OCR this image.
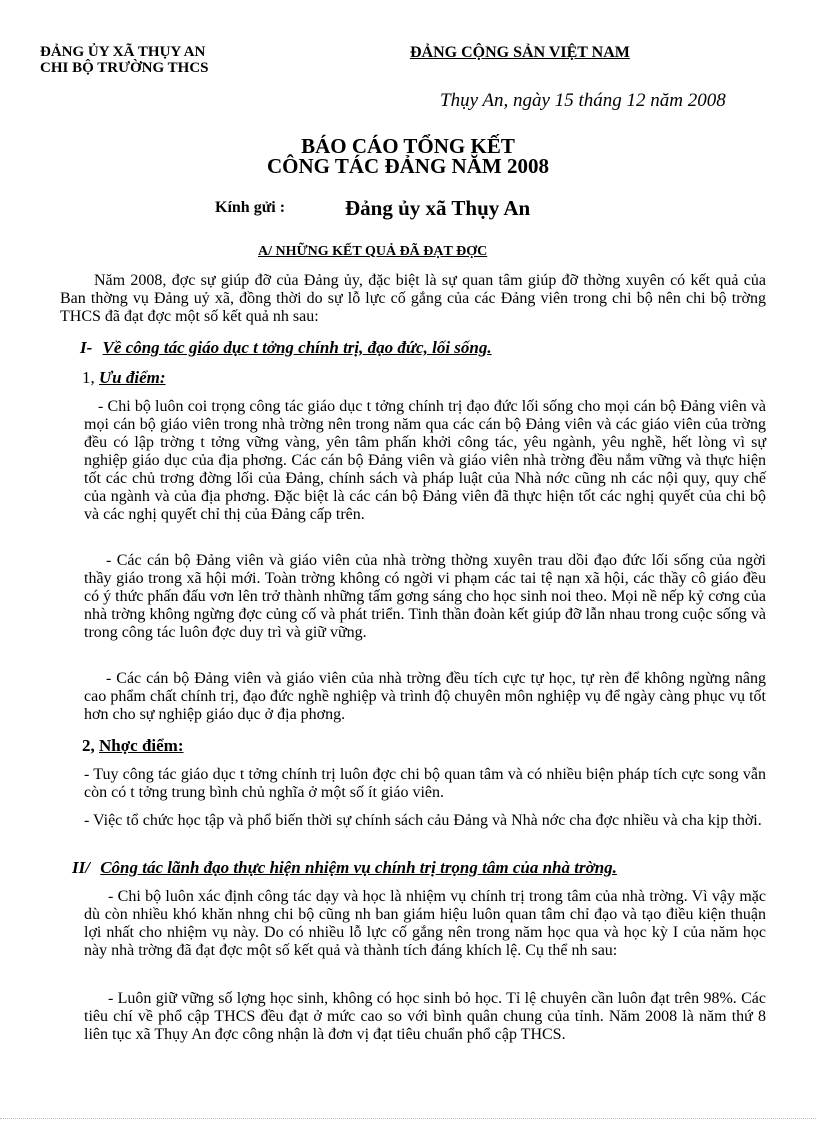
ĐẢNG ỦY XÃ THỤY AN
CHI BỘ TRƯỜNG THCS
ĐẢNG CỘNG SẢN VIỆT NAM
Thụy An, ngày 15 tháng 12 năm 2008
BÁO CÁO TỔNG KẾT
CÔNG TÁC ĐẢNG NĂM 2008
Kính gửi :	Đảng ủy xã Thụy An
A/ NHỮNG KẾT QUẢ ĐÃ ĐẠT ĐỢC
Năm 2008, đợc sự giúp đỡ của Đảng ủy, đặc biệt là sự quan tâm giúp đỡ thờng xuyên có kết quả của Ban thờng vụ Đảng uỷ xã, đồng thời do sự lỗ lực cố gắng của các Đảng viên trong chi bộ nên chi bộ trờng THCS đã đạt đợc một số kết quả nh sau:
I- Về công tác giáo dục t tởng chính trị, đạo đức, lối sống.
1, Ưu điểm:
- Chi bộ luôn coi trọng công tác giáo dục t tởng chính trị đạo đức lối sống cho mọi cán bộ Đảng viên và mọi cán bộ giáo viên trong nhà trờng nên trong năm qua các cán bộ Đảng viên và các giáo viên của trờng đều có lập trờng t tởng vững vàng, yên tâm phấn khởi công tác, yêu ngành, yêu nghề, hết lòng vì sự nghiệp giáo dục của địa phơng. Các cán bộ Đảng viên và giáo viên nhà trờng đều nắm vững và thực hiện tốt các chủ trơng đờng lối của Đảng, chính sách và pháp luật của Nhà nớc cũng nh các nội quy, quy chế của ngành và của địa phơng. Đặc biệt là các cán bộ Đảng viên đã thực hiện tốt các nghị quyết của chi bộ và các nghị quyết chỉ thị của Đảng cấp trên.
- Các cán bộ Đảng viên và giáo viên của nhà trờng thờng xuyên trau dồi đạo đức lối sống của ngời thầy giáo trong xã hội mới. Toàn trờng không có ngời vi phạm các tai tệ nạn xã hội, các thầy cô giáo đều có ý thức phấn đấu vơn lên trở thành những tấm gơng sáng cho học sinh noi theo. Mọi nề nếp kỷ cơng của nhà trờng không ngừng đợc củng cố và phát triển. Tinh thần đoàn kết giúp đỡ lẫn nhau trong cuộc sống và trong công tác luôn đợc duy trì và giữ vững.
- Các cán bộ Đảng viên và giáo viên của nhà trờng đều tích cực tự học, tự rèn để không ngừng nâng cao phẩm chất chính trị, đạo đức nghề nghiệp và trình độ chuyên môn nghiệp vụ để ngày càng phục vụ tốt hơn cho sự nghiệp giáo dục ở địa phơng.
2, Nhợc điểm:
- Tuy công tác giáo dục t tởng chính trị luôn đợc chi bộ quan tâm và có nhiều biện pháp tích cực song vẫn còn có t tởng trung bình chủ nghĩa ở một số ít giáo viên.
- Việc tổ chức học tập và phổ biến thời sự chính sách cảu Đảng và Nhà nớc cha đợc nhiều và cha kịp thời.
II/ Công tác lãnh đạo thực hiện nhiệm vụ chính trị trọng tâm của nhà trờng.
- Chi bộ luôn xác định công tác dạy và học là nhiệm vụ chính trị trong tâm của nhà trờng. Vì vậy mặc dù còn nhiều khó khăn nhng chi bộ cũng nh ban giám hiệu luôn quan tâm chỉ đạo và tạo điều kiện thuận lợi nhất cho nhiệm vụ này. Do có nhiều lỗ lực cố gắng nên trong năm học qua và học kỳ I của năm học này nhà trờng đã đạt đợc một số kết quả và thành tích đáng khích lệ. Cụ thể nh sau:
- Luôn giữ vững số lợng học sinh, không có học sinh bỏ học. Tỉ lệ chuyên cần luôn đạt trên 98%. Các tiêu chí về phổ cập THCS đều đạt ở mức cao so với bình quân chung của tỉnh. Năm 2008 là năm thứ 8 liên tục xã Thụy An đợc công nhận là đơn vị đạt tiêu chuẩn phổ cập THCS.
